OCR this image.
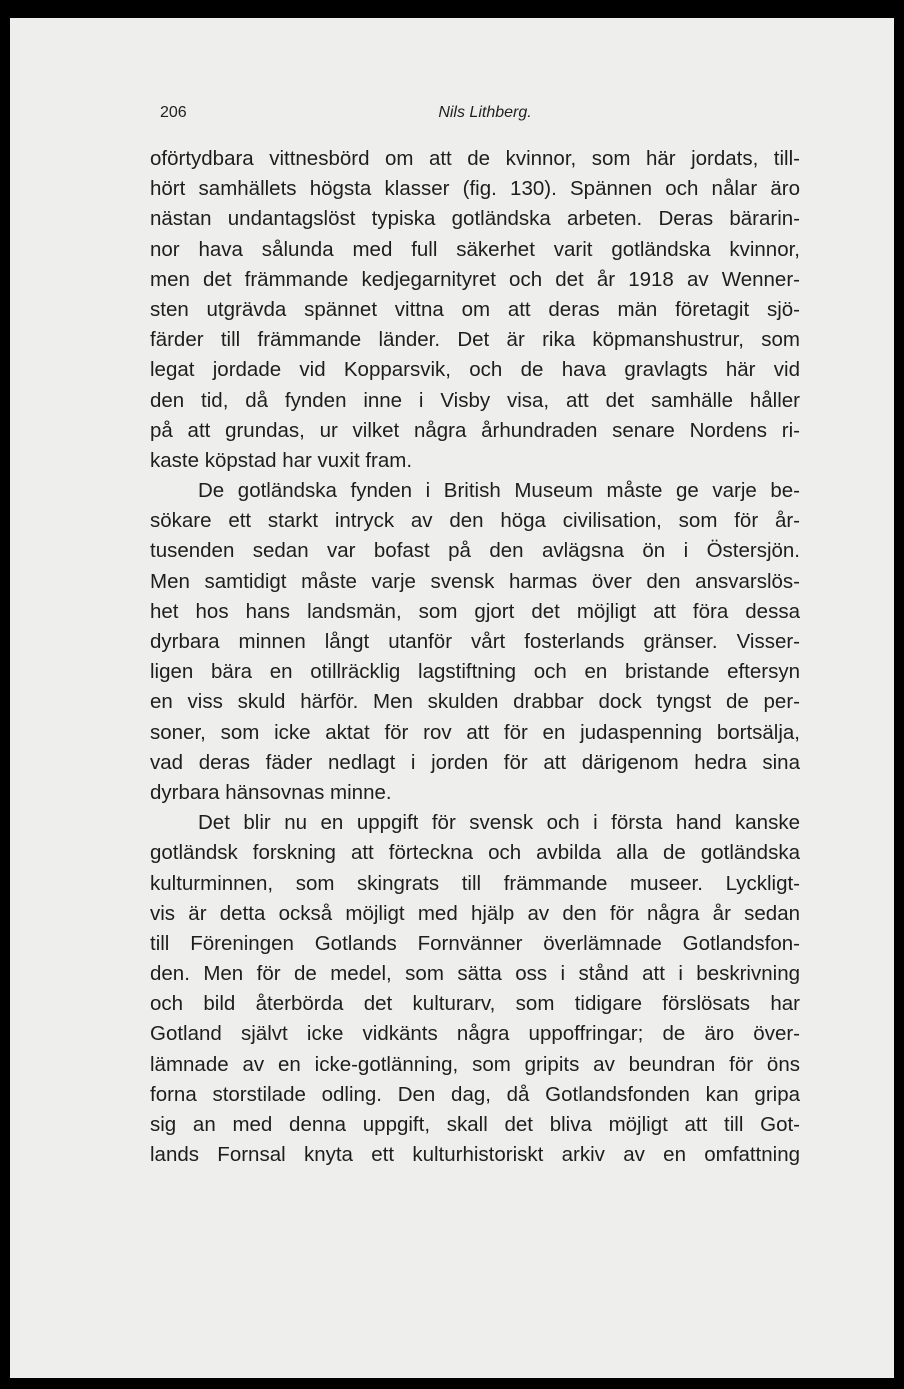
206	Nils Lithberg.
oförtydbara vittnesbörd om att de kvinnor, som här jordats, till-
hört samhällets högsta klasser (fig. 130). Spännen och nålar äro
nästan undantagslöst typiska gotländska arbeten. Deras bärarin-
nor hava sålunda med full säkerhet varit gotländska kvinnor,
men det främmande kedjegarnityret och det år 1918 av Wenner-
sten utgrävda spännet vittna om att deras män företagit sjö-
färder till främmande länder. Det är rika köpmanshustrur, som
legat jordade vid Kopparsvik, och de hava gravlagts här vid
den tid, då fynden inne i Visby visa, att det samhälle håller
på att grundas, ur vilket några århundraden senare Nordens ri-
kaste köpstad har vuxit fram.
De gotländska fynden i British Museum måste ge varje be-
sökare ett starkt intryck av den höga civilisation, som för år-
tusenden sedan var bofast på den avlägsna ön i Östersjön.
Men samtidigt måste varje svensk harmas över den ansvarslös-
het hos hans landsmän, som gjort det möjligt att föra dessa
dyrbara minnen långt utanför vårt fosterlands gränser. Visser-
ligen bära en otillräcklig lagstiftning och en bristande eftersyn
en viss skuld härför. Men skulden drabbar dock tyngst de per-
soner, som icke aktat för rov att för en judaspenning bortsälja,
vad deras fäder nedlagt i jorden för att därigenom hedra sina
dyrbara hänsovnas minne.
Det blir nu en uppgift för svensk och i första hand kanske
gotländsk forskning att förteckna och avbilda alla de gotländska
kulturminnen, som skingrats till främmande museer. Lyckligt-
vis är detta också möjligt med hjälp av den för några år sedan
till Föreningen Gotlands Fornvänner överlämnade Gotlandsfon-
den. Men för de medel, som sätta oss i stånd att i beskrivning
och bild återbörda det kulturarv, som tidigare förslösats har
Gotland självt icke vidkänts några uppoffringar; de äro över-
lämnade av en icke-gotlänning, som gripits av beundran för öns
forna storstilade odling. Den dag, då Gotlandsfonden kan gripa
sig an med denna uppgift, skall det bliva möjligt att till Got-
lands Fornsal knyta ett kulturhistoriskt arkiv av en omfattning
